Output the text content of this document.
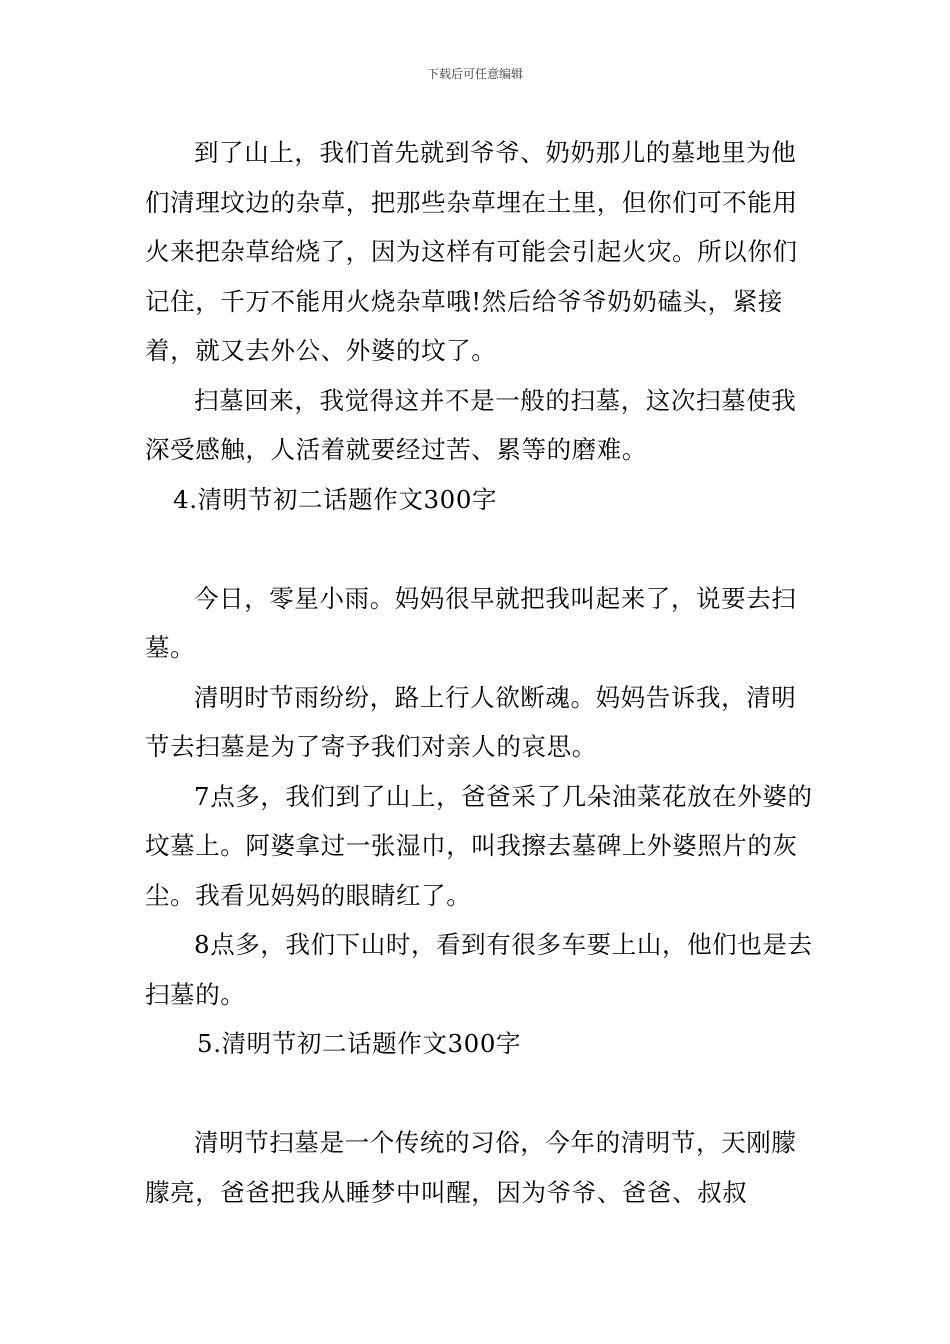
下载后可任意编辑

到了山上，我们首先就到爷爷、奶奶那儿的墓地里为他们清理坟边的杂草，把那些杂草埋在土里，但你们可不能用火来把杂草给烧了，因为这样有可能会引起火灾。所以你们记住，千万不能用火烧杂草哦!然后给爷爷奶奶磕头，紧接着，就又去外公、外婆的坟了。

扫墓回来，我觉得这并不是一般的扫墓，这次扫墓使我深受感触，人活着就要经过苦、累等的磨难。

4.清明节初二话题作文300字

今日，零星小雨。妈妈很早就把我叫起来了，说要去扫墓。

清明时节雨纷纷，路上行人欲断魂。妈妈告诉我，清明节去扫墓是为了寄予我们对亲人的哀思。

7点多，我们到了山上，爸爸采了几朵油菜花放在外婆的坟墓上。阿婆拿过一张湿巾，叫我擦去墓碑上外婆照片的灰尘。我看见妈妈的眼睛红了。

8点多，我们下山时，看到有很多车要上山，他们也是去扫墓的。

5.清明节初二话题作文300字

清明节扫墓是一个传统的习俗，今年的清明节，天刚朦朦亮，爸爸把我从睡梦中叫醒，因为爷爷、爸爸、叔叔
